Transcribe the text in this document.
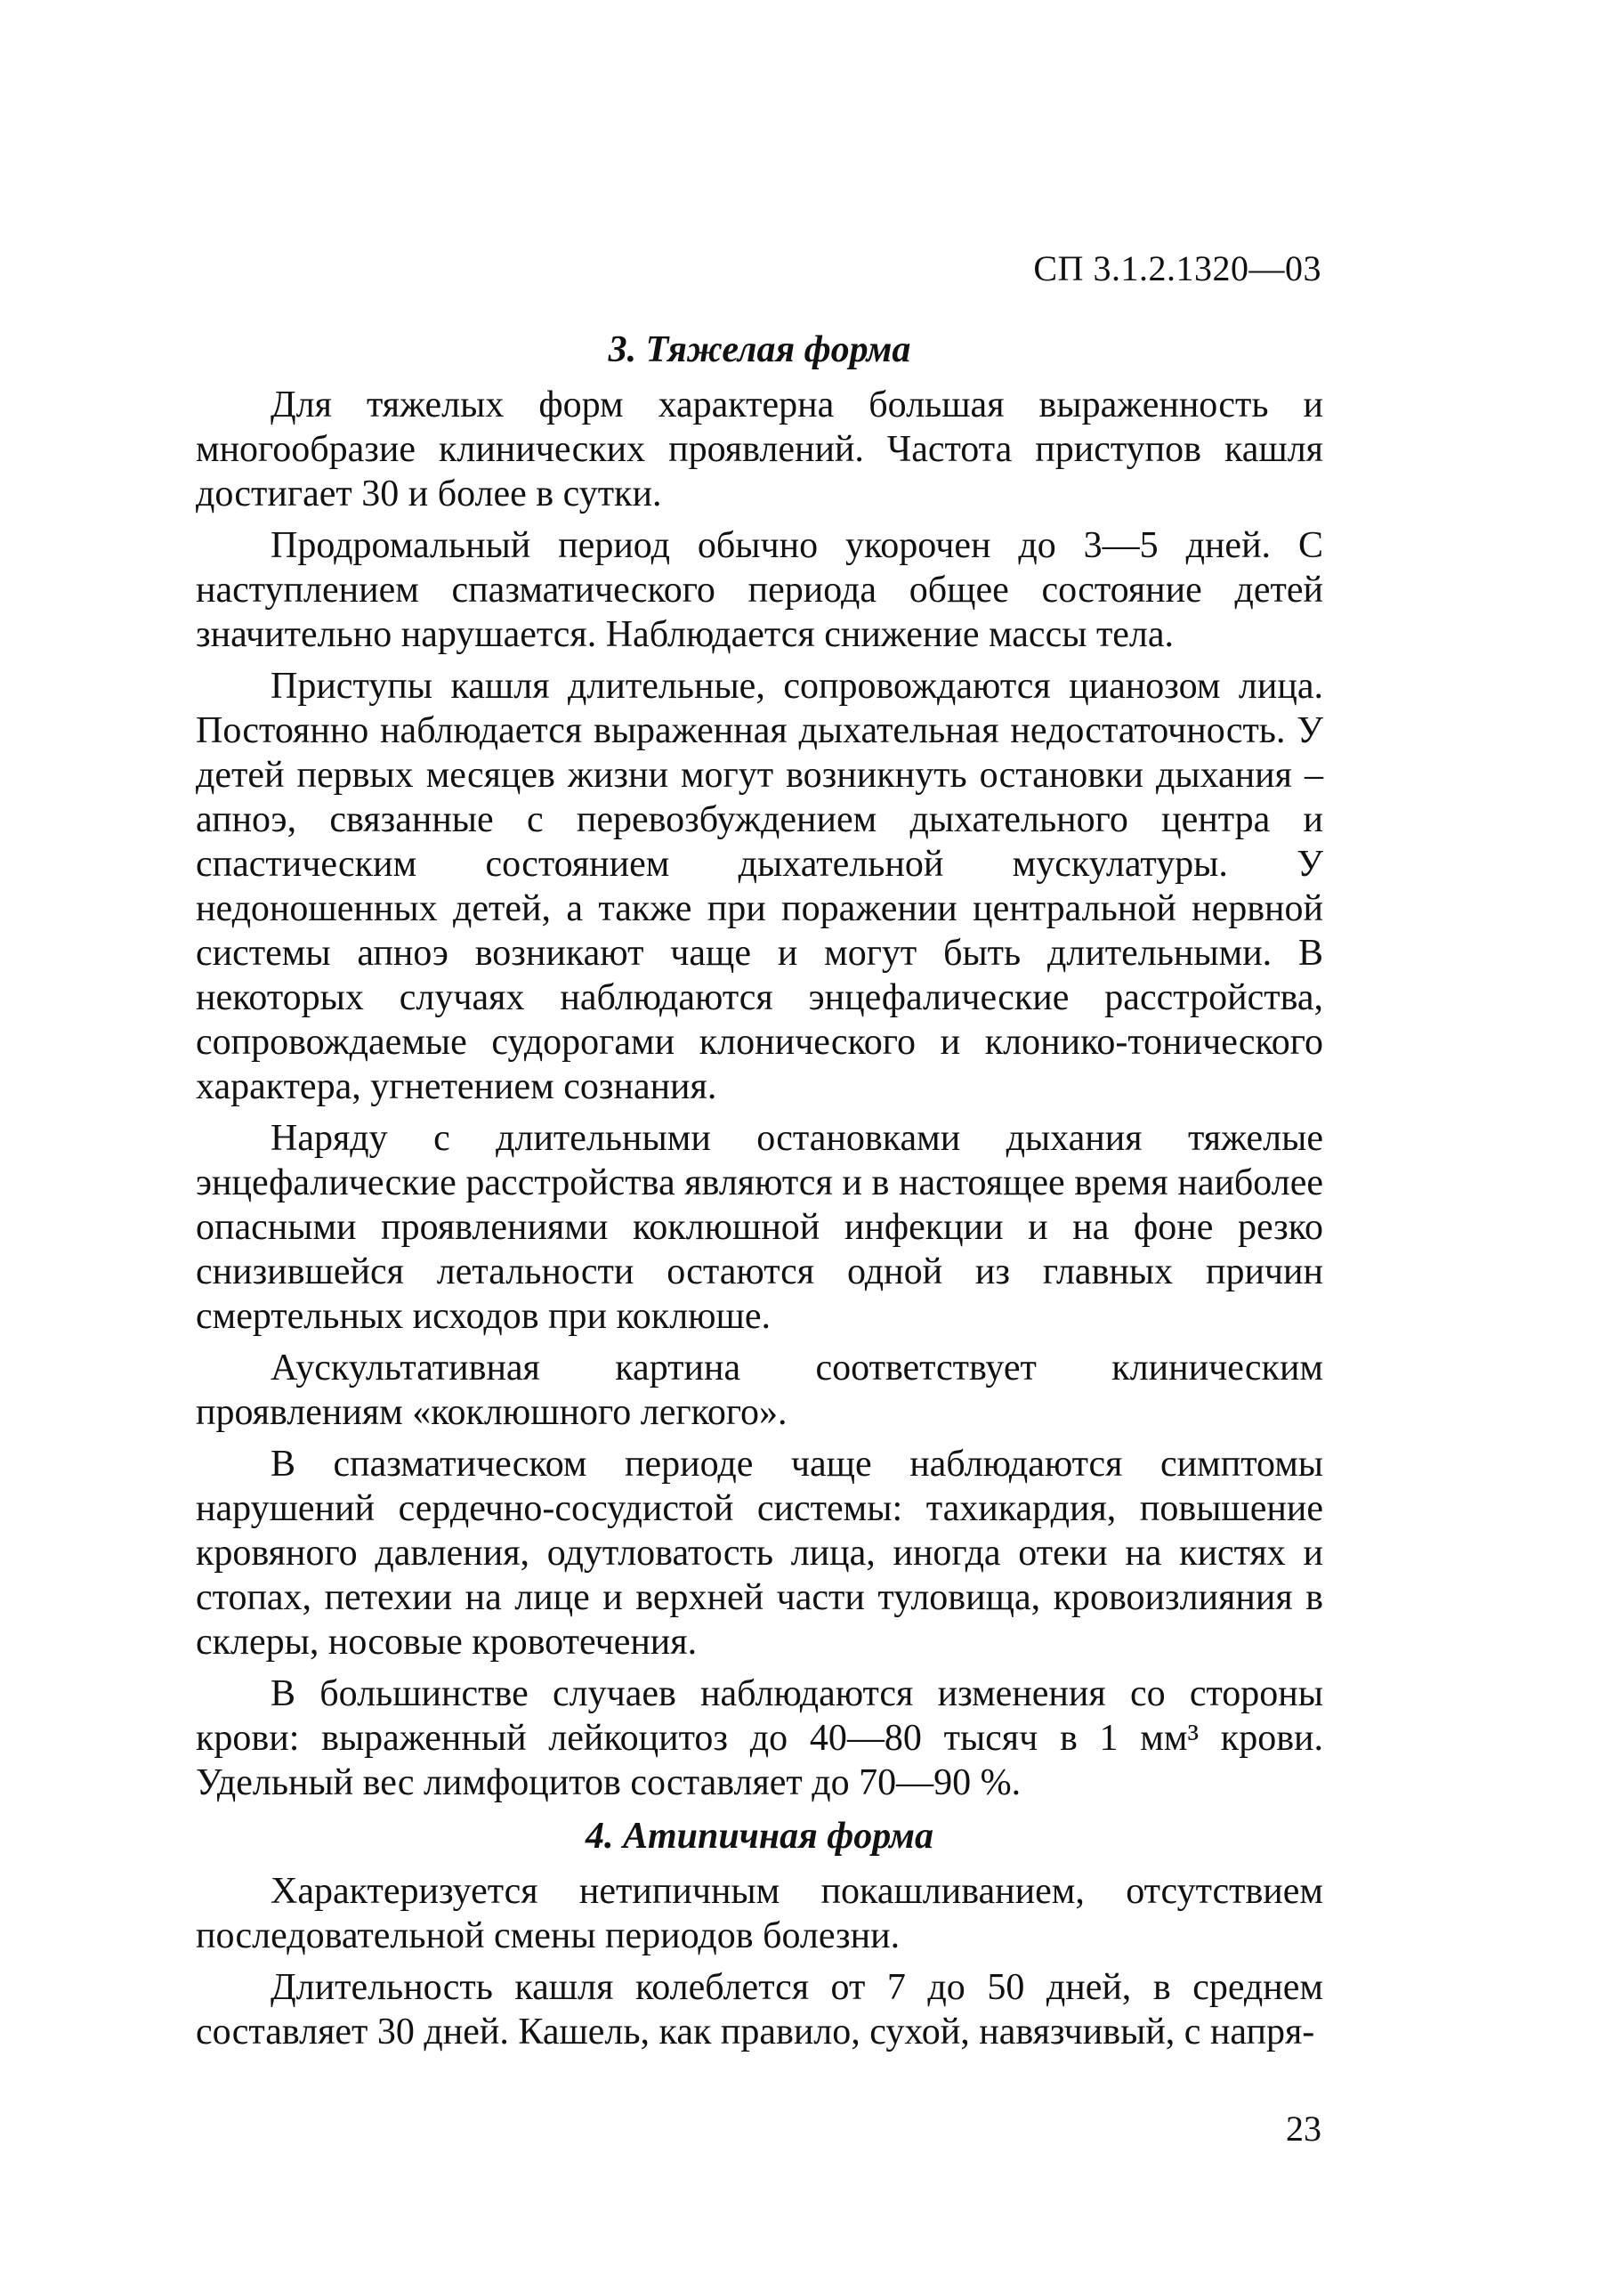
СП 3.1.2.1320—03

3. Тяжелая форма

Для тяжелых форм характерна большая выраженность и многообразие клинических проявлений. Частота приступов кашля достигает 30 и более в сутки.

Продромальный период обычно укорочен до 3—5 дней. С наступлением спазматического периода общее состояние детей значительно нарушается. Наблюдается снижение массы тела.

Приступы кашля длительные, сопровождаются цианозом лица. Постоянно наблюдается выраженная дыхательная недостаточность. У детей первых месяцев жизни могут возникнуть остановки дыхания – апноэ, связанные с перевозбуждением дыхательного центра и спастическим состоянием дыхательной мускулатуры. У недоношенных детей, а также при поражении центральной нервной системы апноэ возникают чаще и могут быть длительными. В некоторых случаях наблюдаются энцефалические расстройства, сопровождаемые судорогами клонического и клонико-тонического характера, угнетением сознания.

Наряду с длительными остановками дыхания тяжелые энцефалические расстройства являются и в настоящее время наиболее опасными проявлениями коклюшной инфекции и на фоне резко снизившейся летальности остаются одной из главных причин смертельных исходов при коклюше.

Аускультативная картина соответствует клиническим проявлениям «коклюшного легкого».

В спазматическом периоде чаще наблюдаются симптомы нарушений сердечно-сосудистой системы: тахикардия, повышение кровяного давления, одутловатость лица, иногда отеки на кистях и стопах, петехии на лице и верхней части туловища, кровоизлияния в склеры, носовые кровотечения.

В большинстве случаев наблюдаются изменения со стороны крови: выраженный лейкоцитоз до 40—80 тысяч в 1 мм³ крови. Удельный вес лимфоцитов составляет до 70—90 %.

4. Атипичная форма

Характеризуется нетипичным покашливанием, отсутствием последовательной смены периодов болезни.

Длительность кашля колеблется от 7 до 50 дней, в среднем составляет 30 дней. Кашель, как правило, сухой, навязчивый, с напря-

23
